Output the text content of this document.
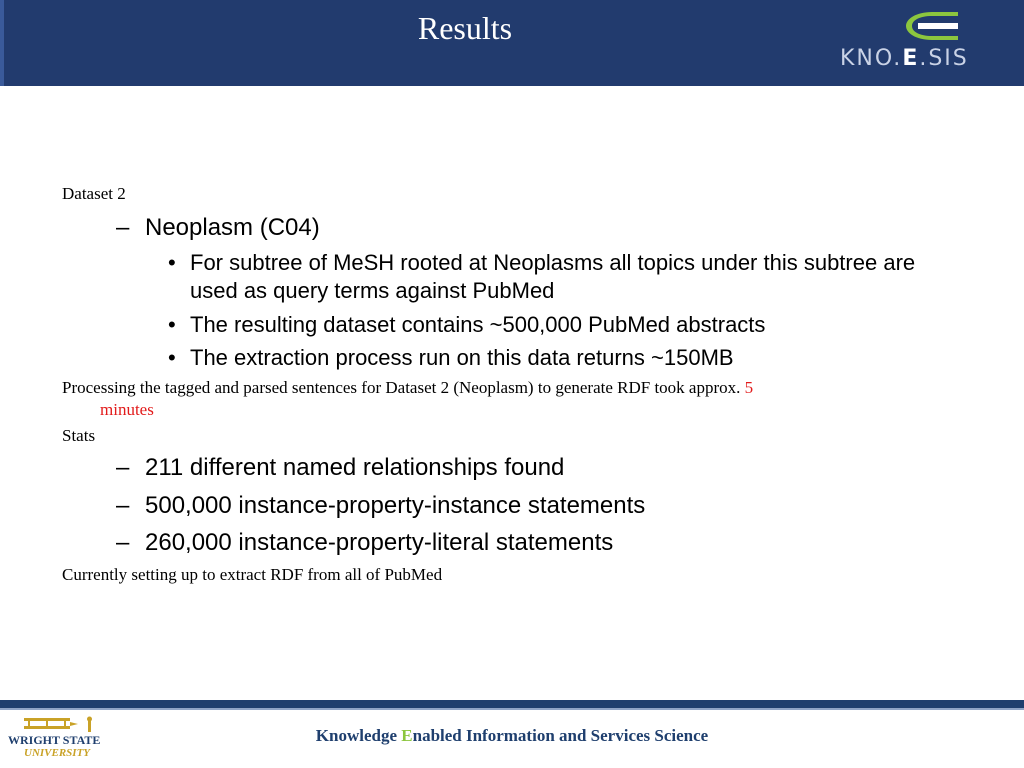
Results
KNO.E.SIS
Dataset 2
– Neoplasm (C04)
• For subtree of MeSH rooted at Neoplasms all topics under this subtree are used as query terms against PubMed
• The resulting dataset contains ~500,000 PubMed abstracts
• The extraction process run on this data returns ~150MB
Processing the tagged and parsed sentences for Dataset 2 (Neoplasm) to generate RDF took approx. 5
minutes
Stats
– 211 different named relationships found
– 500,000 instance-property-instance statements
– 260,000 instance-property-literal statements
Currently setting up to extract RDF from all of PubMed
WRIGHT STATE
UNIVERSITY
Knowledge Enabled Information and Services Science
